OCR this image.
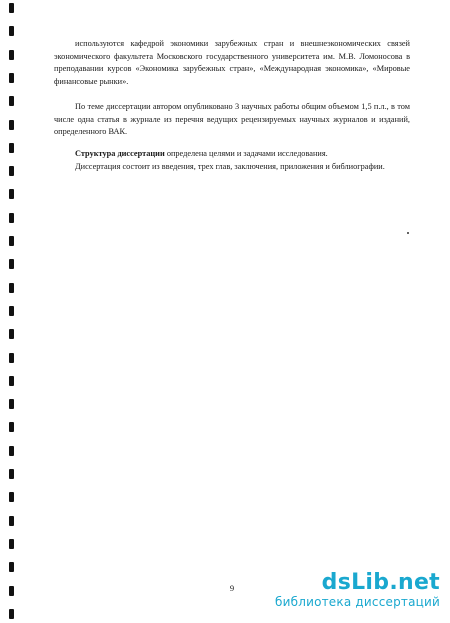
используются кафедрой экономики зарубежных стран и внешнеэкономических связей экономического факультета Московского государственного университета им. М.В. Ломоносова в преподавании курсов «Экономика зарубежных стран», «Международная экономика», «Мировые финансовые рынки».

По теме диссертации автором опубликовано 3 научных работы общим объемом 1,5 п.л., в том числе одна статья в журнале из перечня ведущих рецензируемых научных журналов и изданий, определенного ВАК.

Структура диссертации определена целями и задачами исследования.

Диссертация состоит из введения, трех глав, заключения, приложения и библиографии.

9	dsLib.net
библиотека диссертаций
